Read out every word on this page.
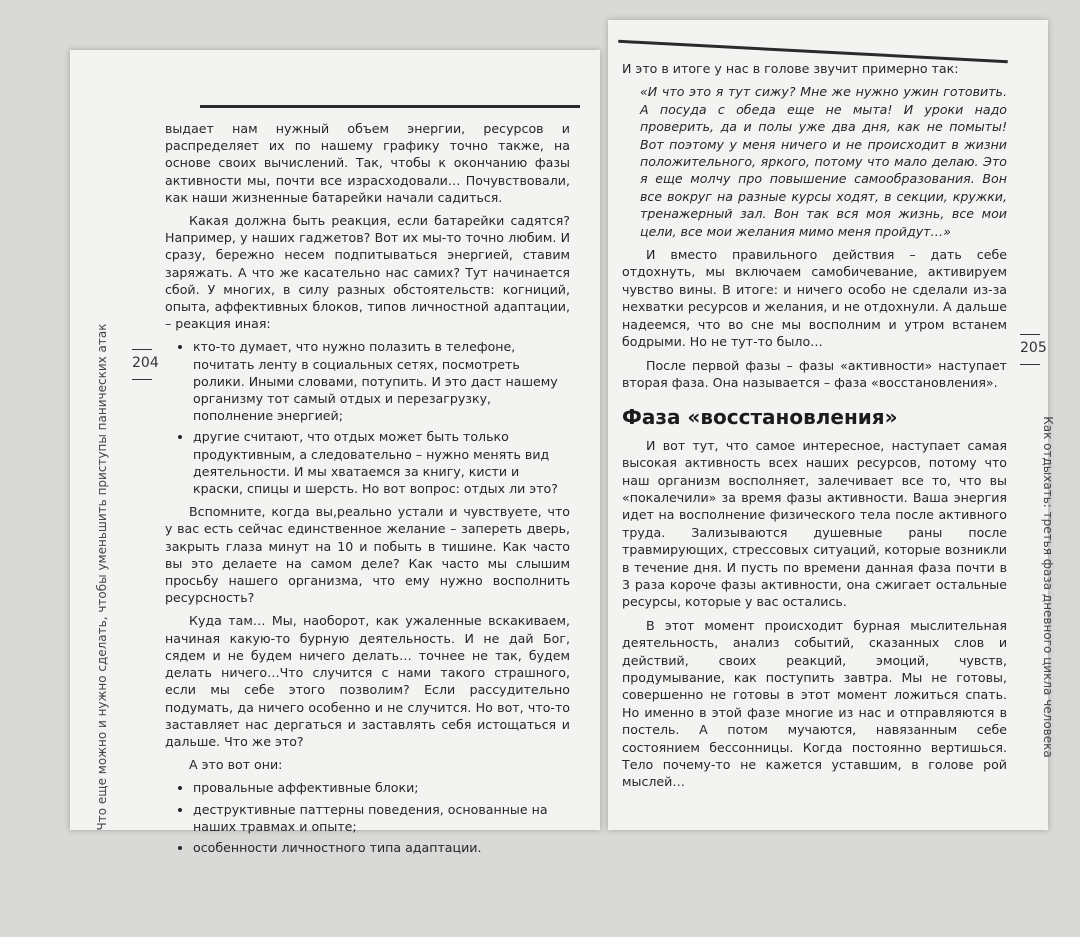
Что еще можно и нужно сделать, чтобы уменьшить приступы панических атак 204

выдает нам нужный объем энергии, ресурсов и распределяет их по нашему графику точно также, на основе своих вычислений. Так, чтобы к окончанию фазы активности мы, почти все израсходовали… Почувствовали, как наши жизненные батарейки начали садиться.

Какая должна быть реакция, если батарейки садятся? Например, у наших гаджетов? Вот их мы-то точно любим. И сразу, бережно несем подпитываться энергией, ставим заряжать. А что же касательно нас самих? Тут начинается сбой. У многих, в силу разных обстоятельств: когниций, опыта, аффективных блоков, типов личностной адаптации, – реакция иная:

• кто-то думает, что нужно полазить в телефоне, почитать ленту в социальных сетях, посмотреть ролики. Иными словами, потупить. И это даст нашему организму тот самый отдых и перезагрузку, пополнение энергией;
• другие считают, что отдых может быть только продуктивным, а следовательно – нужно менять вид деятельности. И мы хватаемся за книгу, кисти и краски, спицы и шерсть. Но вот вопрос: отдых ли это?

Вспомните, когда вы,реально устали и чувствуете, что у вас есть сейчас единственное желание – запереть дверь, закрыть глаза минут на 10 и побыть в тишине. Как часто вы это делаете на самом деле? Как часто мы слышим просьбу нашего организма, что ему нужно восполнить ресурсность?

Куда там… Мы, наоборот, как ужаленные вскакиваем, начиная какую-то бурную деятельность. И не дай Бог, сядем и не будем ничего делать… точнее не так, будем делать ничего…Что случится с нами такого страшного, если мы себе этого позволим? Если рассудительно подумать, да ничего особенно и не случится. Но вот, что-то заставляет нас дергаться и заставлять себя истощаться и дальше. Что же это?

А это вот они:

• провальные аффективные блоки;
• деструктивные паттерны поведения, основанные на наших травмах и опыте;
• особенности личностного типа адаптации.
Как отдыхать: третья фаза дневного цикла человека
205

И это в итоге у нас в голове звучит примерно так:

«И что это я тут сижу? Мне же нужно ужин готовить. А посуда с обеда еще не мыта! И уроки надо проверить, да и полы уже два дня, как не помыты! Вот поэтому у меня ничего и не происходит в жизни положительного, яркого, потому что мало делаю. Это я еще молчу про повышение самообразования. Вон все вокруг на разные курсы ходят, в секции, кружки, тренажерный зал. Вон так вся моя жизнь, все мои цели, все мои желания мимо меня пройдут…»

И вместо правильного действия – дать себе отдохнуть, мы включаем самобичевание, активируем чувство вины. В итоге: и ничего особо не сделали из-за нехватки ресурсов и желания, и не отдохнули. А дальше надеемся, что во сне мы восполним и утром встанем бодрыми. Но не тут-то было…

После первой фазы – фазы «активности» наступает вторая фаза. Она называется – фаза «восстановления».

Фаза «восстановления»

И вот тут, что самое интересное, наступает самая высокая активность всех наших ресурсов, потому что наш организм восполняет, залечивает все то, что вы «покалечили» за время фазы активности. Ваша энергия идет на восполнение физического тела после активного труда. Зализываются душевные раны после травмирующих, стрессовых ситуаций, которые возникли в течение дня. И пусть по времени данная фаза почти в 3 раза короче фазы активности, она сжигает остальные ресурсы, которые у вас остались.

В этот момент происходит бурная мыслительная деятельность, анализ событий, сказанных слов и действий, своих реакций, эмоций, чувств, продумывание, как поступить завтра. Мы не готовы, совершенно не готовы в этот момент ложиться спать. Но именно в этой фазе многие из нас и отправляются в постель. А потом мучаются, навязанным себе состоянием бессонницы. Когда постоянно вертишься. Тело почему-то не кажется уставшим, в голове рой мыслей…
